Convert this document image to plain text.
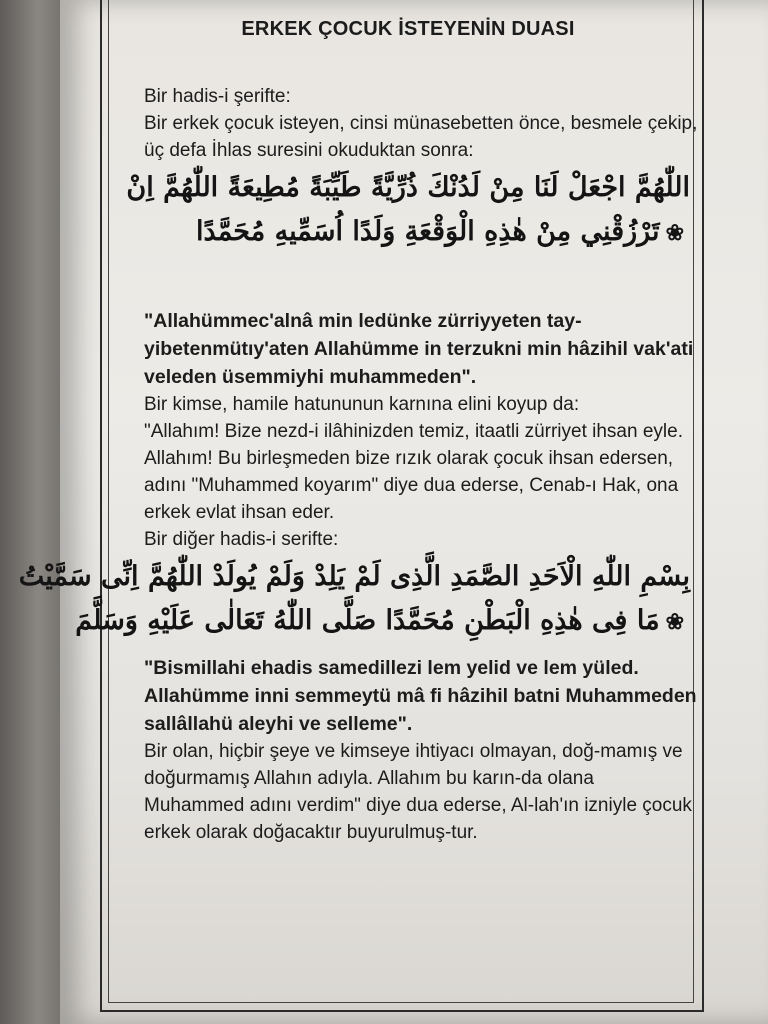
ERKEK ÇOCUK İSTEYENİN DUASI

Bir hadis-i şerifte:

Bir erkek çocuk isteyen, cinsi münasebetten önce, besmele çekip, üç defa İhlas suresini okuduktan sonra:

اللّٰهُمَّ اجْعَلْ لَنَا مِنْ لَدُنْكَ ذُرِّيَّةً طَيِّبَةً مُطِيعَةً اللّٰهُمَّ اِنْ
❀تَرْزُقْنِي مِنْ هٰذِهِ الْوَقْعَةِ وَلَدًا اُسَمِّيهِ مُحَمَّدًا

"Allahümmec'alnâ min ledünke zürriyyeten tay-yibetenmütıy'aten Allahümme in terzukni min hâzihil vak'ati veleden üsemmiyhi muhammeden".

Bir kimse, hamile hatununun karnına elini koyup da:

"Allahım! Bize nezd-i ilâhinizden temiz, itaatli zürriyet ihsan eyle. Allahım! Bu birleşmeden bize rızık olarak çocuk ihsan edersen, adını "Muhammed koyarım" diye dua ederse, Cenab-ı Hak, ona erkek evlat ihsan eder.

Bir diğer hadis-i serifte:

بِسْمِ اللّٰهِ الْاَحَدِ الصَّمَدِ الَّذِى لَمْ يَلِدْ وَلَمْ يُولَدْ اللّٰهُمَّ اِنِّى سَمَّيْتُ
❀مَا فِى هٰذِهِ الْبَطْنِ مُحَمَّدًا صَلَّى اللّٰهُ تَعَالٰى عَلَيْهِ وَسَلَّمَ

"Bismillahi ehadis samedillezi lem yelid ve lem yüled. Allahümme inni semmeytü mâ fi hâzihil batni Muhammeden sallâllahü aleyhi ve selleme".

Bir olan, hiçbir şeye ve kimseye ihtiyacı olmayan, doğ-mamış ve doğurmamış Allahın adıyla. Allahım bu karın-da olana Muhammed adını verdim" diye dua ederse, Al-lah'ın izniyle çocuk erkek olarak doğacaktır buyurulmuş-tur.
